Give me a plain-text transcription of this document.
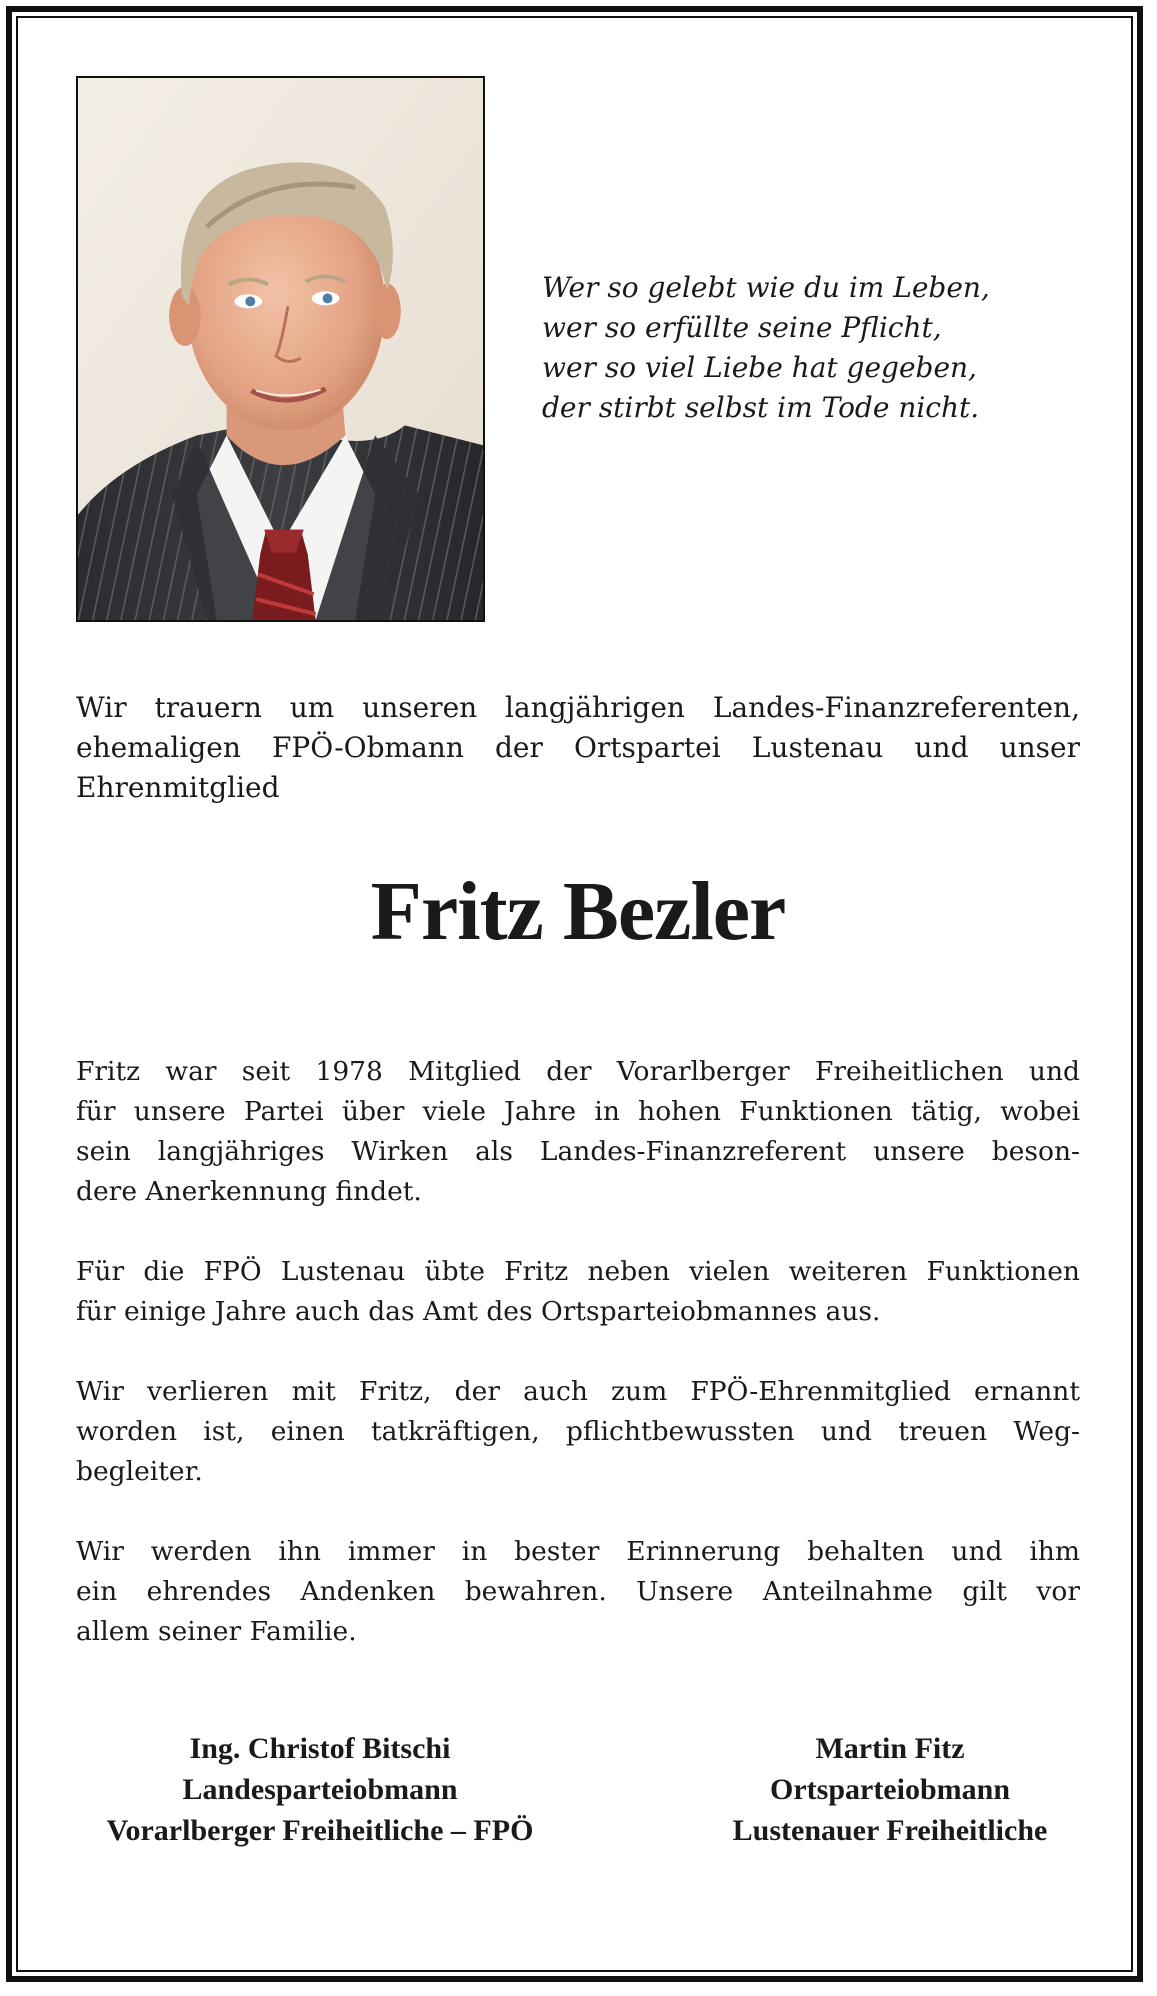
Wer so gelebt wie du im Leben,
wer so erfüllte seine Pflicht,
wer so viel Liebe hat gegeben,
der stirbt selbst im Tode nicht.
Wir trauern um unseren langjährigen Landes-Finanzreferenten,
ehemaligen FPÖ-Obmann der Ortspartei Lustenau und unser
Ehrenmitglied
Fritz Bezler
Fritz war seit 1978 Mitglied der Vorarlberger Freiheitlichen und
für unsere Partei über viele Jahre in hohen Funktionen tätig, wobei
sein langjähriges Wirken als Landes-Finanzreferent unsere beson-
dere Anerkennung findet.
Für die FPÖ Lustenau übte Fritz neben vielen weiteren Funktionen
für einige Jahre auch das Amt des Ortsparteiobmannes aus.
Wir verlieren mit Fritz, der auch zum FPÖ-Ehrenmitglied ernannt
worden ist, einen tatkräftigen, pflichtbewussten und treuen Weg-
begleiter.
Wir werden ihn immer in bester Erinnerung behalten und ihm
ein ehrendes Andenken bewahren. Unsere Anteilnahme gilt vor
allem seiner Familie.
Ing. Christof Bitschi
Landesparteiobmann
Vorarlberger Freiheitliche – FPÖ
Martin Fitz
Ortsparteiobmann
Lustenauer Freiheitliche
